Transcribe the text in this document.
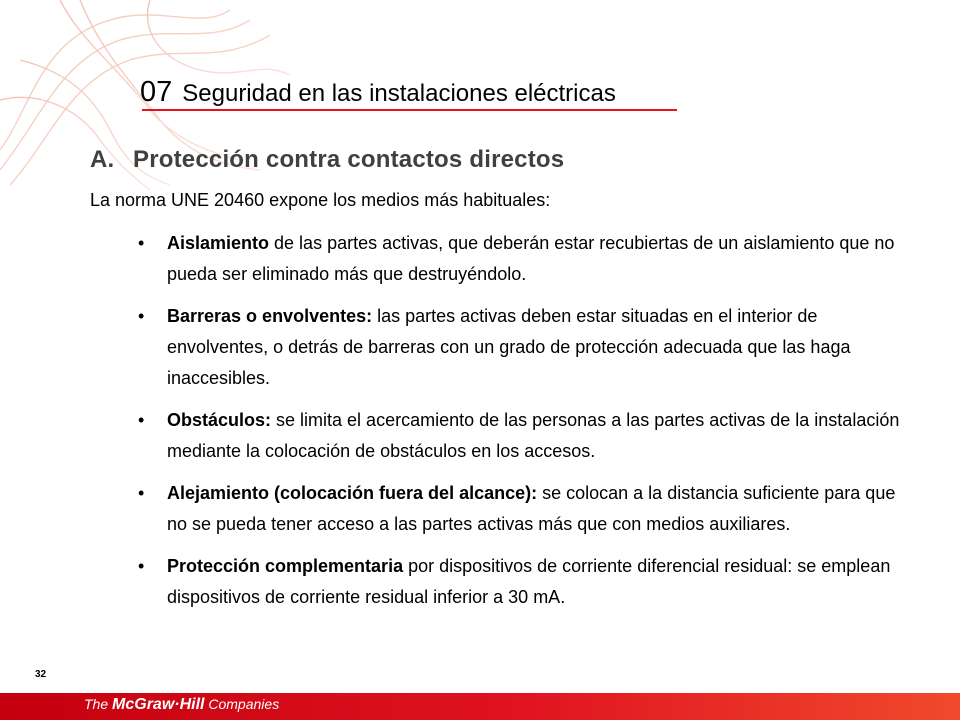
07 Seguridad en las instalaciones eléctricas
A. Protección contra contactos directos
La norma UNE 20460 expone los medios más habituales:
• Aislamiento de las partes activas, que deberán estar recubiertas de un aislamiento que no pueda ser eliminado más que destruyéndolo.
• Barreras o envolventes: las partes activas deben estar situadas en el interior de envolventes, o detrás de barreras con un grado de protección adecuada que las haga inaccesibles.
• Obstáculos: se limita el acercamiento de las personas a las partes activas de la instalación mediante la colocación de obstáculos en los accesos.
• Alejamiento (colocación fuera del alcance): se colocan a la distancia suficiente para que no se pueda tener acceso a las partes activas más que con medios auxiliares.
• Protección complementaria por dispositivos de corriente diferencial residual: se emplean dispositivos de corriente residual inferior a 30 mA.
32
The McGraw·Hill Companies
